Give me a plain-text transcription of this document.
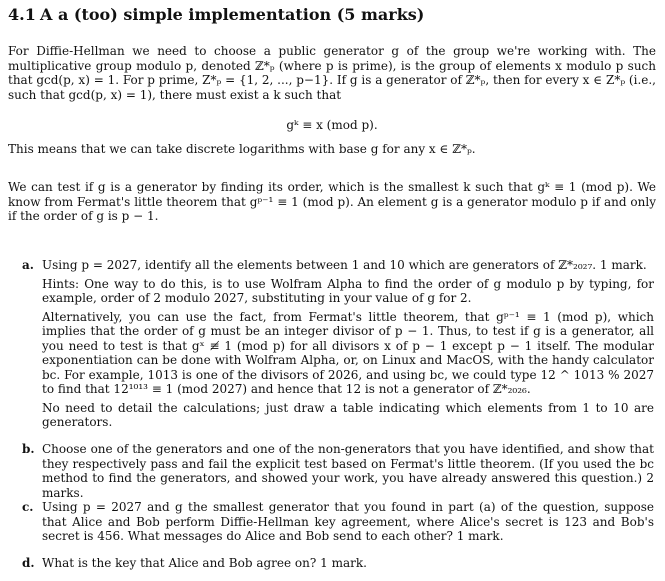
4.1 A a (too) simple implementation (5 marks)
For Diffie-Hellman we need to choose a public generator g of the group we're working with. The multiplicative group modulo p, denoted ℤ*ₚ (where p is prime), is the group of elements x modulo p such that gcd(p, x) = 1. For p prime, Z*ₚ = {1, 2, ..., p−1}. If g is a generator of ℤ*ₚ, then for every x ∈ Z*ₚ (i.e., such that gcd(p, x) = 1), there must exist a k such that
gᵏ ≡ x (mod p).
This means that we can take discrete logarithms with base g for any x ∈ ℤ*ₚ.
We can test if g is a generator by finding its order, which is the smallest k such that gᵏ ≡ 1 (mod p). We know from Fermat's little theorem that gᵖ⁻¹ ≡ 1 (mod p). An element g is a generator modulo p if and only if the order of g is p − 1.
a. Using p = 2027, identify all the elements between 1 and 10 which are generators of ℤ*₂₀₂₇. 1 mark.

Hints: One way to do this, is to use Wolfram Alpha to find the order of g modulo p by typing, for example, order of 2 modulo 2027, substituting in your value of g for 2.

Alternatively, you can use the fact, from Fermat's little theorem, that gᵖ⁻¹ ≡ 1 (mod p), which implies that the order of g must be an integer divisor of p − 1. Thus, to test if g is a generator, all you need to test is that gˣ ≢ 1 (mod p) for all divisors x of p − 1 except p − 1 itself. The modular exponentiation can be done with Wolfram Alpha, or, on Linux and MacOS, with the handy calculator bc. For example, 1013 is one of the divisors of 2026, and using bc, we could type 12 ^ 1013 % 2027 to find that 12¹⁰¹³ ≡ 1 (mod 2027) and hence that 12 is not a generator of ℤ*₂₀₂₆.

No need to detail the calculations; just draw a table indicating which elements from 1 to 10 are generators.

b. Choose one of the generators and one of the non-generators that you have identified, and show that they respectively pass and fail the explicit test based on Fermat's little theorem. (If you used the bc method to find the generators, and showed your work, you have already answered this question.) 2 marks.

c. Using p = 2027 and g the smallest generator that you found in part (a) of the question, suppose that Alice and Bob perform Diffie-Hellman key agreement, where Alice's secret is 123 and Bob's secret is 456. What messages do Alice and Bob send to each other? 1 mark.

d. What is the key that Alice and Bob agree on? 1 mark.
